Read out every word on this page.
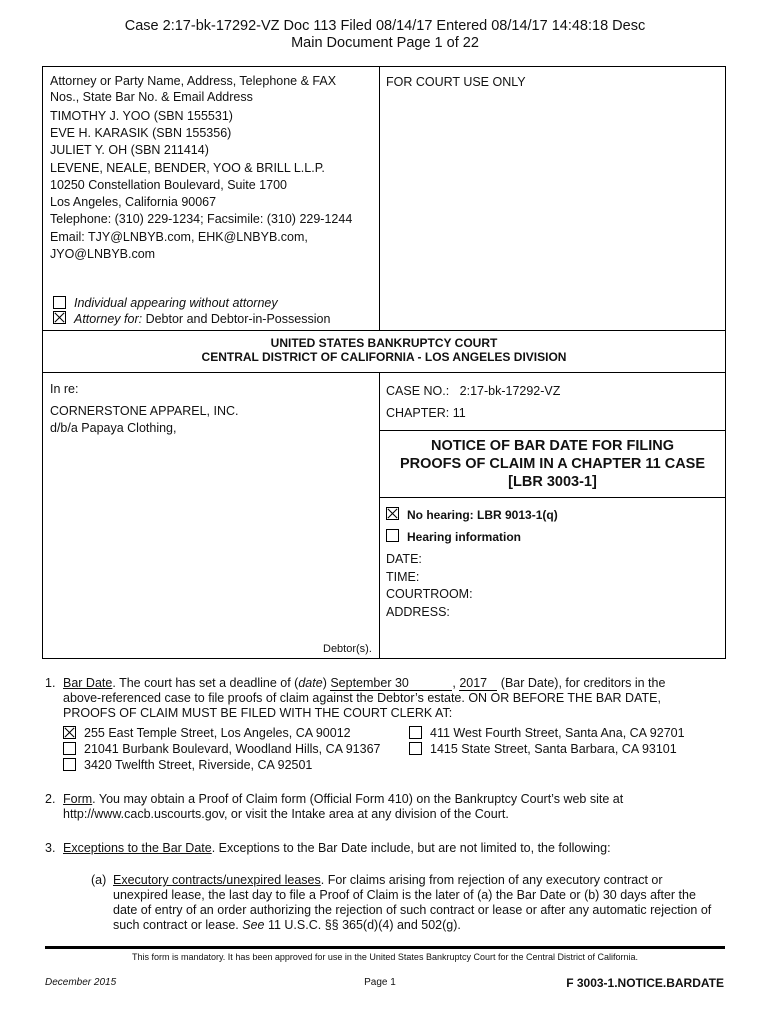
Case 2:17-bk-17292-VZ Doc 113 Filed 08/14/17 Entered 08/14/17 14:48:18 Desc
Main Document Page 1 of 22
Attorney or Party Name, Address, Telephone & FAX
Nos., State Bar No. & Email Address
TIMOTHY J. YOO (SBN 155531)
EVE H. KARASIK (SBN 155356)
JULIET Y. OH (SBN 211414)
LEVENE, NEALE, BENDER, YOO & BRILL L.L.P.
10250 Constellation Boulevard, Suite 1700
Los Angeles, California 90067
Telephone: (310) 229-1234; Facsimile: (310) 229-1244
Email: TJY@LNBYB.com, EHK@LNBYB.com,
JYO@LNBYB.com
Individual appearing without attorney
Attorney for: Debtor and Debtor-in-Possession
FOR COURT USE ONLY
UNITED STATES BANKRUPTCY COURT
CENTRAL DISTRICT OF CALIFORNIA - LOS ANGELES DIVISION
In re:
CORNERSTONE APPAREL, INC.
d/b/a Papaya Clothing,
Debtor(s).
CASE NO.: 2:17-bk-17292-VZ
CHAPTER: 11
NOTICE OF BAR DATE FOR FILING
PROOFS OF CLAIM IN A CHAPTER 11 CASE
[LBR 3003-1]
No hearing: LBR 9013-1(q)
Hearing information
DATE:
TIME:
COURTROOM:
ADDRESS:
1. Bar Date. The court has set a deadline of (date) September 30	, 2017 (Bar Date), for creditors in the
above-referenced case to file proofs of claim against the Debtor’s estate. ON OR BEFORE THE BAR DATE,
PROOFS OF CLAIM MUST BE FILED WITH THE COURT CLERK AT:
255 East Temple Street, Los Angeles, CA 90012
21041 Burbank Boulevard, Woodland Hills, CA 91367
3420 Twelfth Street, Riverside, CA 92501
411 West Fourth Street, Santa Ana, CA 92701
1415 State Street, Santa Barbara, CA 93101
2. Form. You may obtain a Proof of Claim form (Official Form 410) on the Bankruptcy Court’s web site at
http://www.cacb.uscourts.gov, or visit the Intake area at any division of the Court.
3. Exceptions to the Bar Date. Exceptions to the Bar Date include, but are not limited to, the following:
(a) Executory contracts/unexpired leases. For claims arising from rejection of any executory contract or
unexpired lease, the last day to file a Proof of Claim is the later of (a) the Bar Date or (b) 30 days after the
date of entry of an order authorizing the rejection of such contract or lease or after any automatic rejection of
such contract or lease. See 11 U.S.C. §§ 365(d)(4) and 502(g).
This form is mandatory. It has been approved for use in the United States Bankruptcy Court for the Central District of California.
December 2015	Page 1	F 3003-1.NOTICE.BARDATE
